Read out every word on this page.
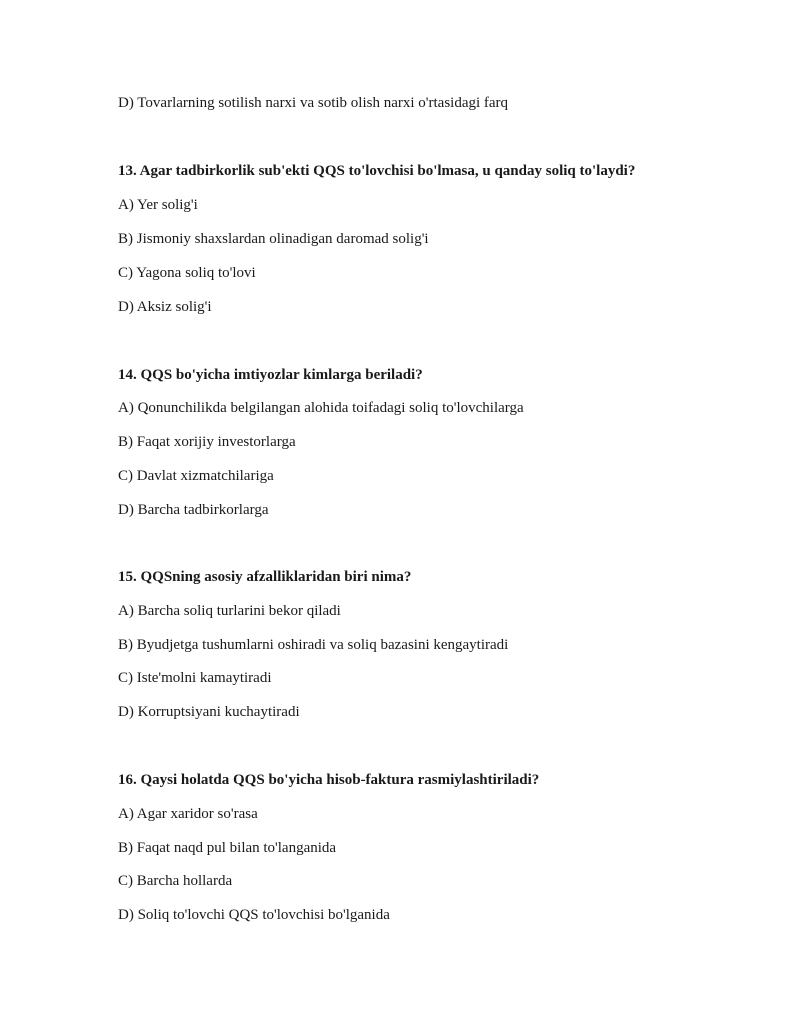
D) Tovarlarning sotilish narxi va sotib olish narxi o'rtasidagi farq
13. Agar tadbirkorlik sub'ekti QQS to'lovchisi bo'lmasa, u qanday soliq to'laydi?
A) Yer solig'i
B) Jismoniy shaxslardan olinadigan daromad solig'i
C) Yagona soliq to'lovi
D) Aksiz solig'i
14. QQS bo'yicha imtiyozlar kimlarga beriladi?
A) Qonunchilikda belgilangan alohida toifadagi soliq to'lovchilarga
B) Faqat xorijiy investorlarga
C) Davlat xizmatchilariga
D) Barcha tadbirkorlarga
15. QQSning asosiy afzalliklaridan biri nima?
A) Barcha soliq turlarini bekor qiladi
B) Byudjetga tushumlarni oshiradi va soliq bazasini kengaytiradi
C) Iste'molni kamaytiradi
D) Korruptsiyani kuchaytiradi
16. Qaysi holatda QQS bo'yicha hisob-faktura rasmiylashtiriladi?
A) Agar xaridor so'rasa
B) Faqat naqd pul bilan to'langanida
C) Barcha hollarda
D) Soliq to'lovchi QQS to'lovchisi bo'lganida
